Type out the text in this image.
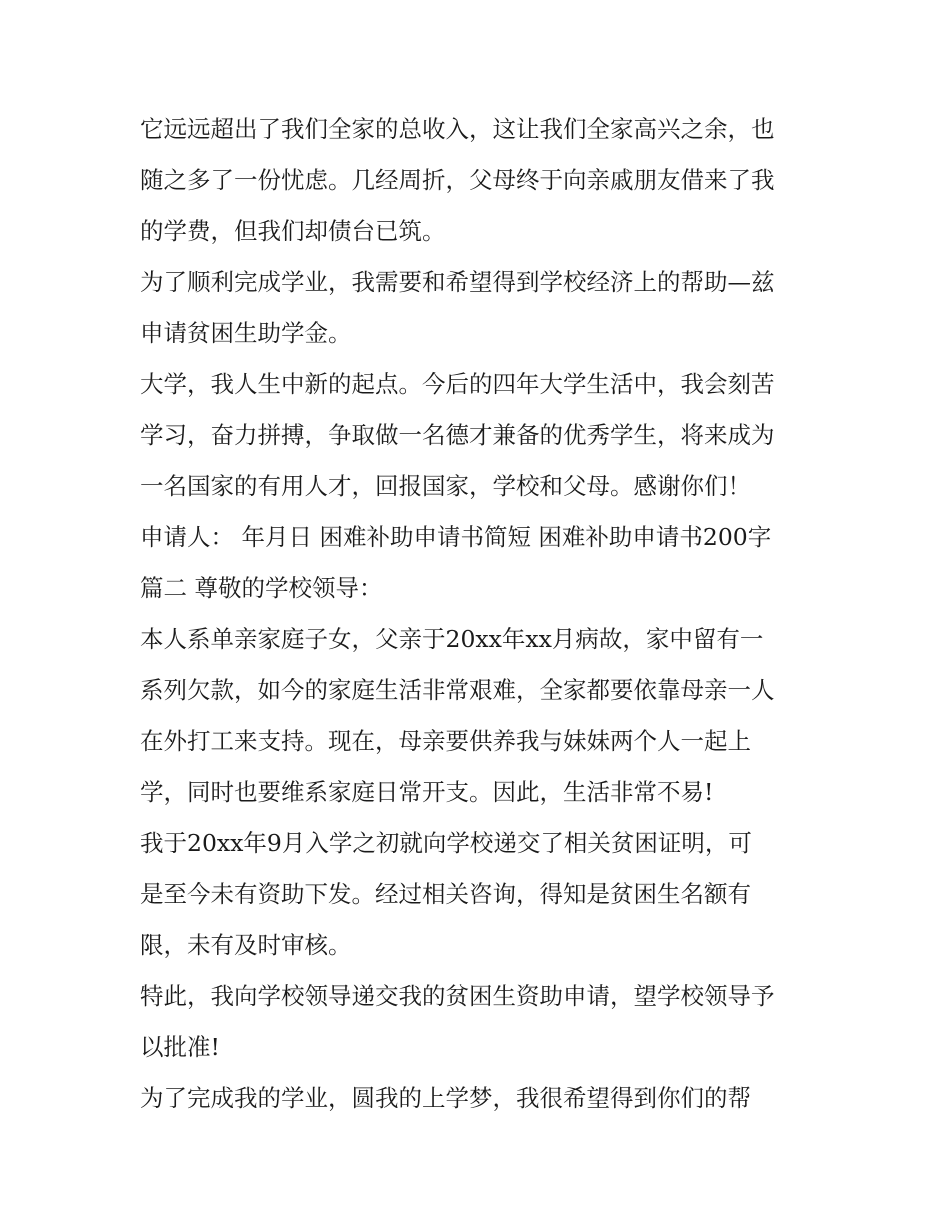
它远远超出了我们全家的总收入，这让我们全家高兴之余，也
随之多了一份忧虑。几经周折，父母终于向亲戚朋友借来了我
的学费，但我们却债台已筑。
为了顺利完成学业，我需要和希望得到学校经济上的帮助—兹
申请贫困生助学金。
大学，我人生中新的起点。今后的四年大学生活中，我会刻苦
学习，奋力拼搏，争取做一名德才兼备的优秀学生，将来成为
一名国家的有用人才，回报国家，学校和父母。感谢你们！
申请人： 年月日 困难补助申请书简短 困难补助申请书200字
篇二 尊敬的学校领导：
本人系单亲家庭子女，父亲于20xx年xx月病故，家中留有一
系列欠款，如今的家庭生活非常艰难，全家都要依靠母亲一人
在外打工来支持。现在，母亲要供养我与妹妹两个人一起上
学，同时也要维系家庭日常开支。因此，生活非常不易!
我于20xx年9月入学之初就向学校递交了相关贫困证明，可
是至今未有资助下发。经过相关咨询，得知是贫困生名额有
限，未有及时审核。
特此，我向学校领导递交我的贫困生资助申请，望学校领导予
以批准!
为了完成我的学业，圆我的上学梦，我很希望得到你们的帮
